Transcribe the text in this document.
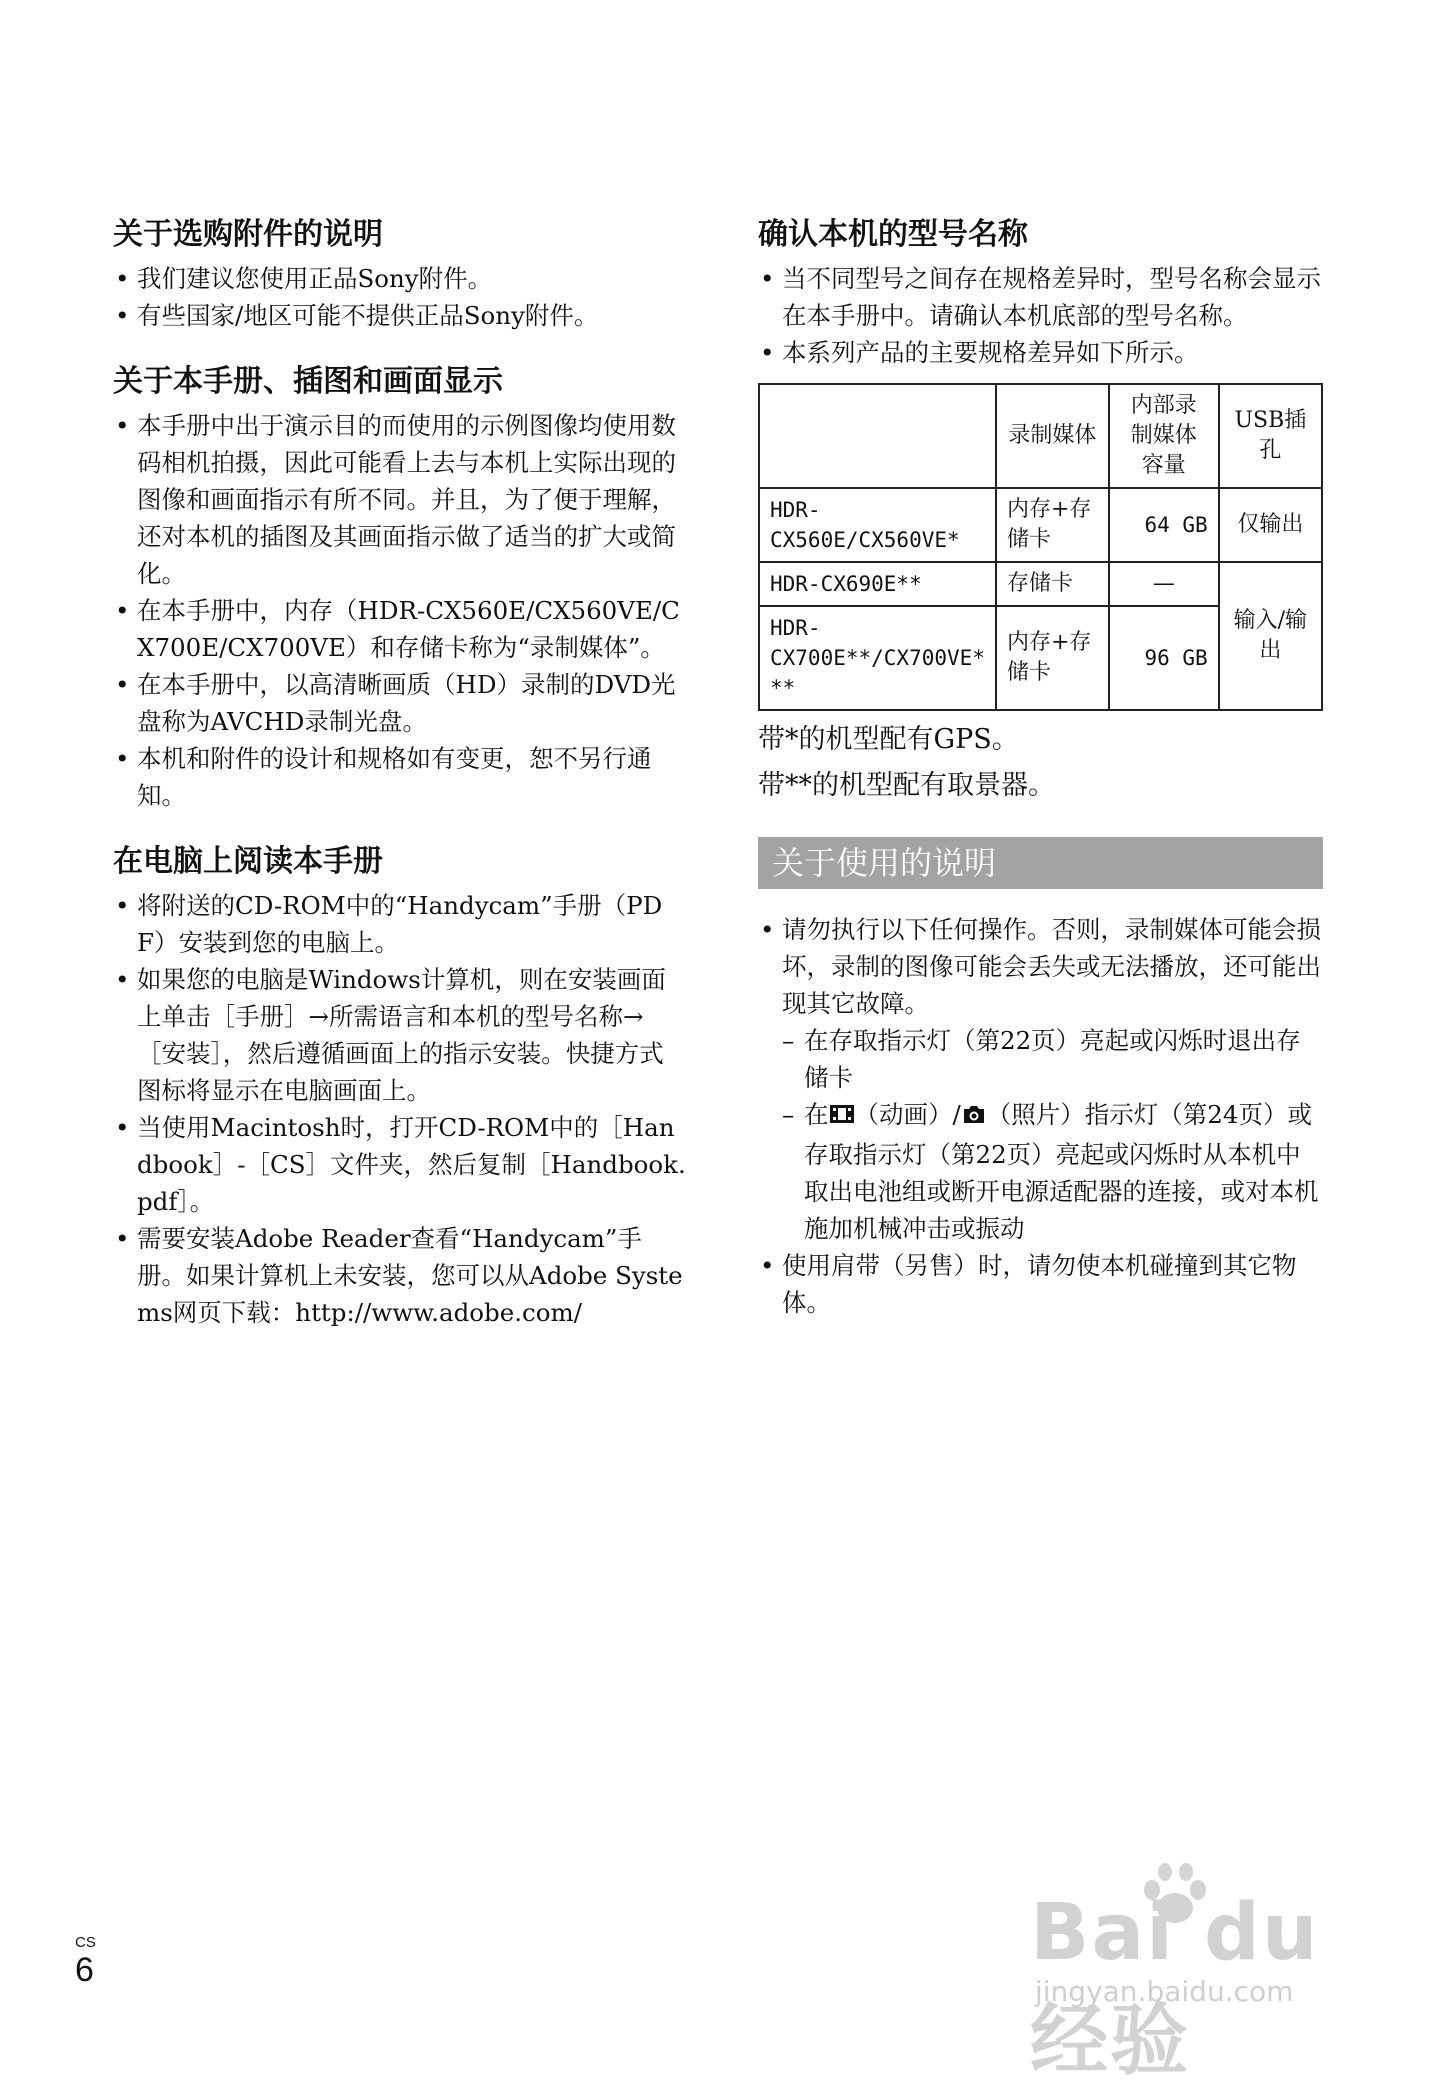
关于选购附件的说明
• 我们建议您使用正品Sony附件。
• 有些国家/地区可能不提供正品Sony附件。
关于本手册、插图和画面显示
• 本手册中出于演示目的而使用的示例图像均使用数码相机拍摄，因此可能看上去与本机上实际出现的图像和画面指示有所不同。并且，为了便于理解，还对本机的插图及其画面指示做了适当的扩大或简化。
• 在本手册中，内存（HDR-CX560E/CX560VE/CX700E/CX700VE）和存储卡称为“录制媒体”。
• 在本手册中，以高清晰画质（HD）录制的DVD光盘称为AVCHD录制光盘。
• 本机和附件的设计和规格如有变更，恕不另行通知。
在电脑上阅读本手册
• 将附送的CD-ROM中的“Handycam”手册（PDF）安装到您的电脑上。
• 如果您的电脑是Windows计算机，则在安装画面上单击［手册］→所需语言和本机的型号名称→［安装］，然后遵循画面上的指示安装。快捷方式图标将显示在电脑画面上。
• 当使用Macintosh时，打开CD-ROM中的［Handbook］-［CS］文件夹，然后复制［Handbook.pdf］。
• 需要安装Adobe Reader查看“Handycam”手册。如果计算机上未安装，您可以从Adobe Systems网页下载：http://www.adobe.com/
确认本机的型号名称
• 当不同型号之间存在规格差异时，型号名称会显示在本手册中。请确认本机底部的型号名称。
• 本系列产品的主要规格差异如下所示。
	录制媒体	内部录制媒体容量	USB插孔
HDR-CX560E/CX560VE*	内存+存储卡	64 GB	仅输出
HDR-CX690E**	存储卡	—	输入/输出
HDR-CX700E**/CX700VE* **	内存+存储卡	96 GB	

带*的机型配有GPS。

带**的机型配有取景器。

关于使用的说明
• 请勿执行以下任何操作。否则，录制媒体可能会损坏，录制的图像可能会丢失或无法播放，还可能出现其它故障。
– 在存取指示灯（第22页）亮起或闪烁时退出存储卡
– 在 （动画）/ （照片）指示灯（第24页）或存取指示灯（第22页）亮起或闪烁时从本机中取出电池组或断开电源适配器的连接，或对本机施加机械冲击或振动
• 使用肩带（另售）时，请勿使本机碰撞到其它物体。
CS
6	Bai du 经验
jingyan.baidu.com
